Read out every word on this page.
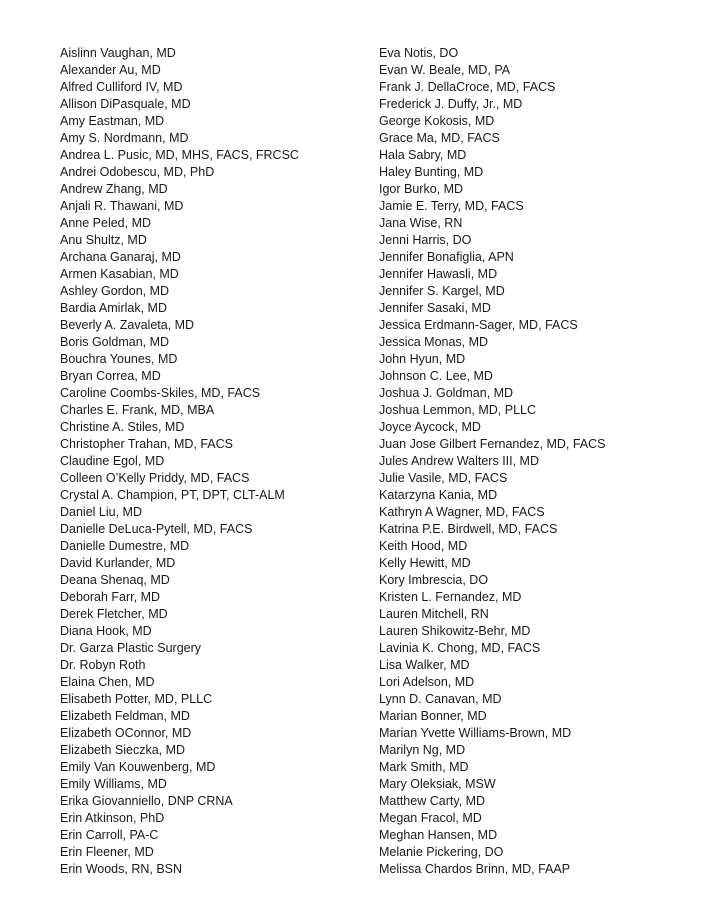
Aislinn Vaughan, MD
Alexander Au, MD
Alfred Culliford IV, MD
Allison DiPasquale, MD
Amy Eastman, MD
Amy S. Nordmann, MD
Andrea L. Pusic, MD, MHS, FACS, FRCSC
Andrei Odobescu, MD, PhD
Andrew Zhang, MD
Anjali R. Thawani, MD
Anne Peled, MD
Anu Shultz, MD
Archana Ganaraj, MD
Armen Kasabian, MD
Ashley Gordon, MD
Bardia Amirlak, MD
Beverly A. Zavaleta, MD
Boris Goldman, MD
Bouchra Younes, MD
Bryan Correa, MD
Caroline Coombs-Skiles, MD, FACS
Charles E. Frank, MD, MBA
Christine A. Stiles, MD
Christopher Trahan, MD, FACS
Claudine Egol, MD
Colleen O’Kelly Priddy, MD, FACS
Crystal A. Champion, PT, DPT, CLT-ALM
Daniel Liu, MD
Danielle DeLuca-Pytell, MD, FACS
Danielle Dumestre, MD
David Kurlander, MD
Deana Shenaq, MD
Deborah Farr, MD
Derek Fletcher, MD
Diana Hook, MD
Dr. Garza Plastic Surgery
Dr. Robyn Roth
Elaina Chen, MD
Elisabeth Potter, MD, PLLC
Elizabeth Feldman, MD
Elizabeth OConnor, MD
Elizabeth Sieczka, MD
Emily Van Kouwenberg, MD
Emily Williams, MD
Erika Giovanniello, DNP CRNA
Erin Atkinson, PhD
Erin Carroll, PA-C
Erin Fleener, MD
Erin Woods, RN, BSN
Eva Notis, DO
Evan W. Beale, MD, PA
Frank J. DellaCroce, MD, FACS
Frederick J. Duffy, Jr., MD
George Kokosis, MD
Grace Ma, MD, FACS
Hala Sabry, MD
Haley Bunting, MD
Igor Burko, MD
Jamie E. Terry, MD, FACS
Jana Wise, RN
Jenni Harris, DO
Jennifer Bonafiglia, APN
Jennifer Hawasli, MD
Jennifer S. Kargel, MD
Jennifer Sasaki, MD
Jessica Erdmann-Sager, MD, FACS
Jessica Monas, MD
John Hyun, MD
Johnson C. Lee, MD
Joshua J. Goldman, MD
Joshua Lemmon, MD, PLLC
Joyce Aycock, MD
Juan Jose Gilbert Fernandez, MD, FACS
Jules Andrew Walters III, MD
Julie Vasile, MD, FACS
Katarzyna Kania, MD
Kathryn A Wagner, MD, FACS
Katrina P.E. Birdwell, MD, FACS
Keith Hood, MD
Kelly Hewitt, MD
Kory Imbrescia, DO
Kristen L. Fernandez, MD
Lauren Mitchell, RN
Lauren Shikowitz-Behr, MD
Lavinia K. Chong, MD, FACS
Lisa Walker, MD
Lori Adelson, MD
Lynn D. Canavan, MD
Marian Bonner, MD
Marian Yvette Williams-Brown, MD
Marilyn Ng, MD
Mark Smith, MD
Mary Oleksiak, MSW
Matthew Carty, MD
Megan Fracol, MD
Meghan Hansen, MD
Melanie Pickering, DO
Melissa Chardos Brinn, MD, FAAP
